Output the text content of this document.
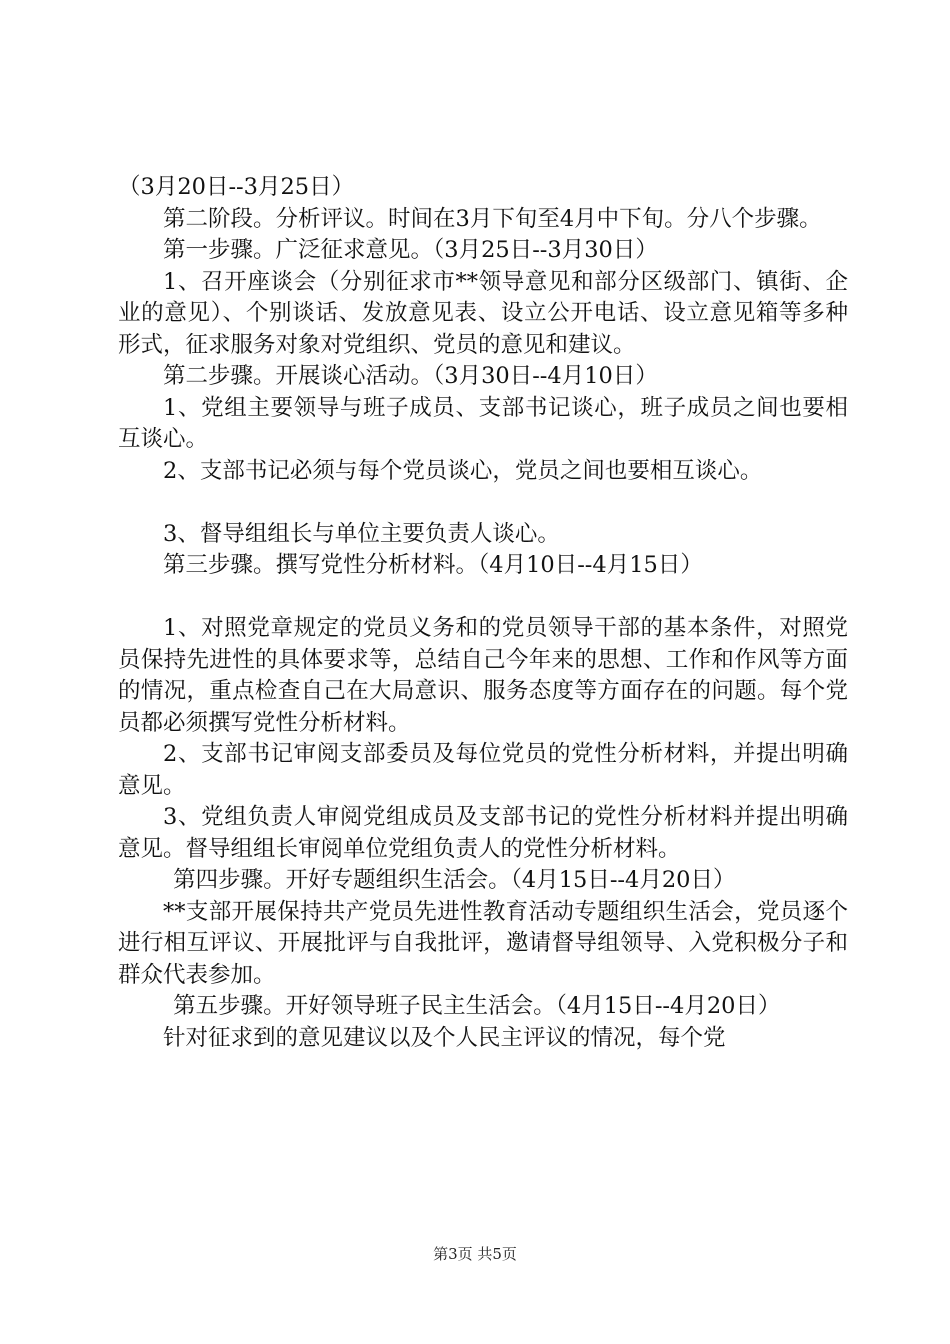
（3月20日--3月25日）

第二阶段。分析评议。时间在3月下旬至4月中下旬。分八个步骤。

第一步骤。广泛征求意见。（3月25日--3月30日）

1、召开座谈会（分别征求市**领导意见和部分区级部门、镇街、企业的意见）、个别谈话、发放意见表、设立公开电话、设立意见箱等多种形式，征求服务对象对党组织、党员的意见和建议。

第二步骤。开展谈心活动。（3月30日--4月10日）

1、党组主要领导与班子成员、支部书记谈心，班子成员之间也要相互谈心。

2、支部书记必须与每个党员谈心，党员之间也要相互谈心。

3、督导组组长与单位主要负责人谈心。

第三步骤。撰写党性分析材料。（4月10日--4月15日）

1、对照党章规定的党员义务和的党员领导干部的基本条件，对照党员保持先进性的具体要求等，总结自己今年来的思想、工作和作风等方面的情况，重点检查自己在大局意识、服务态度等方面存在的问题。每个党员都必须撰写党性分析材料。

2、支部书记审阅支部委员及每位党员的党性分析材料，并提出明确意见。

3、党组负责人审阅党组成员及支部书记的党性分析材料并提出明确意见。督导组组长审阅单位党组负责人的党性分析材料。

第四步骤。开好专题组织生活会。（4月15日--4月20日）

**支部开展保持共产党员先进性教育活动专题组织生活会，党员逐个进行相互评议、开展批评与自我批评，邀请督导组领导、入党积极分子和群众代表参加。

第五步骤。开好领导班子民主生活会。（4月15日--4月20日）

针对征求到的意见建议以及个人民主评议的情况，每个党

第3页 共5页
